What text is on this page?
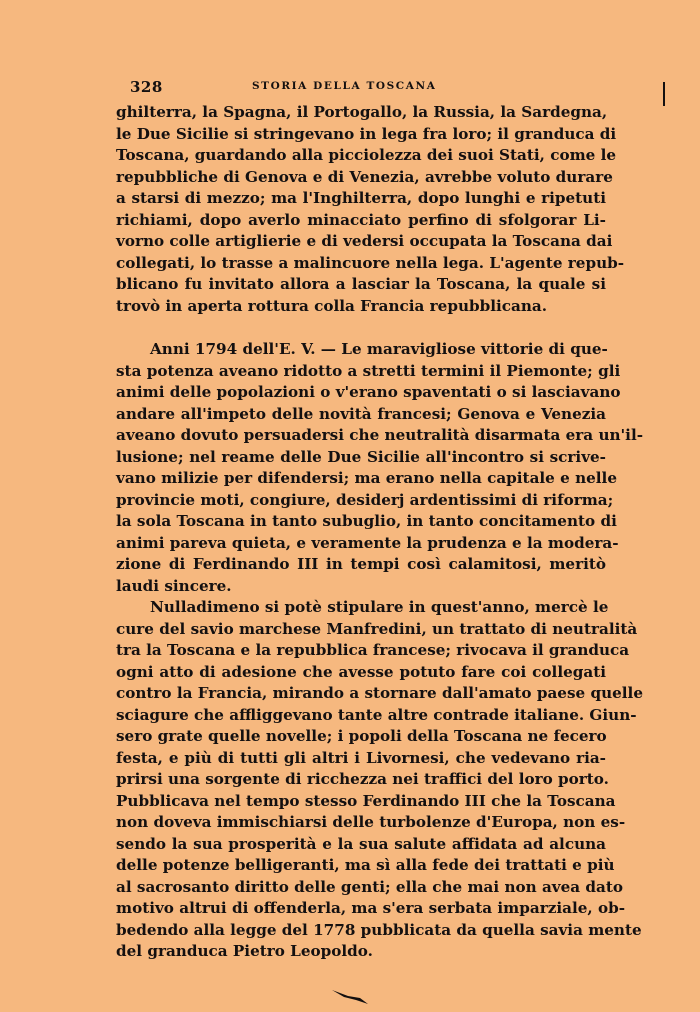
328	STORIA DELLA TOSCANA
ghilterra, la Spagna, il Portogallo, la Russia, la Sardegna,
le Due Sicilie si stringevano in lega fra loro; il granduca di
Toscana, guardando alla picciolezza dei suoi Stati, come le
repubbliche di Genova e di Venezia, avrebbe voluto durare
a starsi di mezzo; ma l'Inghilterra, dopo lunghi e ripetuti
richiami, dopo averlo minacciato perfino di sfolgorar Li-
vorno colle artiglierie e di vedersi occupata la Toscana dai
collegati, lo trasse a malincuore nella lega. L'agente repub-
blicano fu invitato allora a lasciar la Toscana, la quale si
trovò in aperta rottura colla Francia repubblicana.
Anni 1794 dell'E. V. — Le maravigliose vittorie di que-
sta potenza aveano ridotto a stretti termini il Piemonte; gli
animi delle popolazioni o v'erano spaventati o si lasciavano
andare all'impeto delle novità francesi; Genova e Venezia
aveano dovuto persuadersi che neutralità disarmata era un'il-
lusione; nel reame delle Due Sicilie all'incontro si scrive-
vano milizie per difendersi; ma erano nella capitale e nelle
provincie moti, congiure, desiderj ardentissimi di riforma;
la sola Toscana in tanto subuglio, in tanto concitamento di
animi pareva quieta, e veramente la prudenza e la modera-
zione di Ferdinando III in tempi così calamitosi, meritò
laudi sincere.
Nulladimeno si potè stipulare in quest'anno, mercè le
cure del savio marchese Manfredini, un trattato di neutralità
tra la Toscana e la repubblica francese; rivocava il granduca
ogni atto di adesione che avesse potuto fare coi collegati
contro la Francia, mirando a stornare dall'amato paese quelle
sciagure che affliggevano tante altre contrade italiane. Giun-
sero grate quelle novelle; i popoli della Toscana ne fecero
festa, e più di tutti gli altri i Livornesi, che vedevano ria-
prirsi una sorgente di ricchezza nei traffici del loro porto.
Pubblicava nel tempo stesso Ferdinando III che la Toscana
non doveva immischiarsi delle turbolenze d'Europa, non es-
sendo la sua prosperità e la sua salute affidata ad alcuna
delle potenze belligeranti, ma sì alla fede dei trattati e più
al sacrosanto diritto delle genti; ella che mai non avea dato
motivo altrui di offenderla, ma s'era serbata imparziale, ob-
bedendo alla legge del 1778 pubblicata da quella savia mente
del granduca Pietro Leopoldo.
